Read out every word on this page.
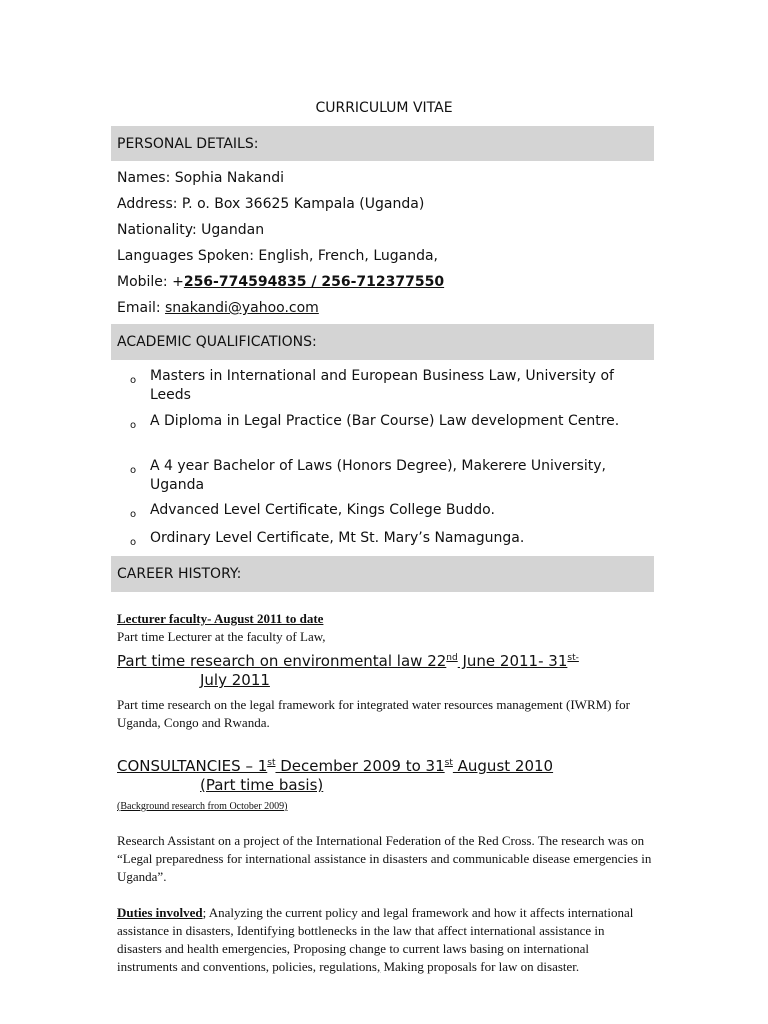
CURRICULUM VITAE
PERSONAL DETAILS:
Names: Sophia Nakandi
Address: P. o. Box 36625 Kampala (Uganda)
Nationality: Ugandan
Languages Spoken: English, French, Luganda,
Mobile: +256-774594835 / 256-712377550
Email: snakandi@yahoo.com
ACADEMIC QUALIFICATIONS:
o Masters in International and European Business Law, University of Leeds
o A Diploma in Legal Practice (Bar Course) Law development Centre.
o A 4 year Bachelor of Laws (Honors Degree), Makerere University, Uganda
o Advanced Level Certificate, Kings College Buddo.
o Ordinary Level Certificate, Mt St. Mary’s Namagunga.
CAREER HISTORY:
Lecturer faculty- August 2011 to date
Part time Lecturer at the faculty of Law,
Part time research on environmental law 22nd June 2011- $31^{st-}$
July 2011
Part time research on the legal framework for integrated water resources management (IWRM) for Uganda, Congo and Rwanda.
CONSULTANCIES – 1st December 2009 to 31st August 2010
(Part time basis)
(Background research from October 2009)
Research Assistant on a project of the International Federation of the Red Cross. The research was on “Legal preparedness for international assistance in disasters and communicable disease emergencies in Uganda”.
Duties involved; Analyzing the current policy and legal framework and how it affects international assistance in disasters, Identifying bottlenecks in the law that affect international assistance in disasters and health emergencies, Proposing change to current laws basing on international instruments and conventions, policies, regulations, Making proposals for law on disaster.
